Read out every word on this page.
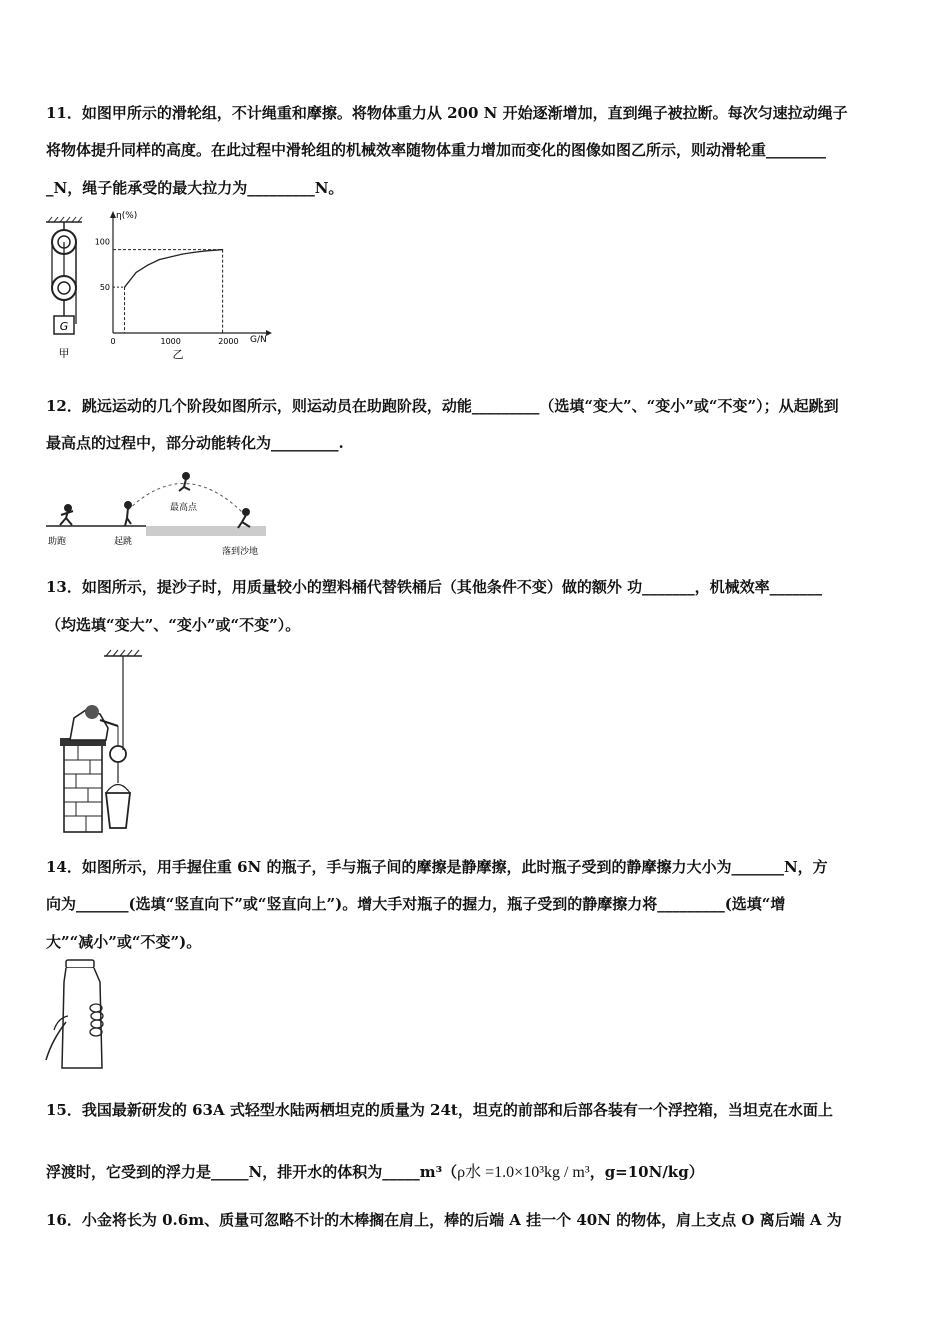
11．如图甲所示的滑轮组，不计绳重和摩擦。将物体重力从 200 N 开始逐渐增加，直到绳子被拉断。每次匀速拉动绳子
将物体提升同样的高度。在此过程中滑轮组的机械效率随物体重力增加而变化的图像如图乙所示，则动滑轮重________
_N，绳子能承受的最大拉力为_________N。
G
甲
η(%)
G/N
0	1000	2000
50
100
乙
12．跳远运动的几个阶段如图所示，则运动员在助跑阶段，动能_________（选填“变大”、“变小”或“不变”）；从起跳到
最高点的过程中，部分动能转化为_________.
最高点
助跑	起跳
落到沙地
13．如图所示，提沙子时，用质量较小的塑料桶代替铁桶后（其他条件不变）做的额外 功_______，机械效率_______
（均选填“变大”、“变小”或“不变”）。
14．如图所示，用手握住重 6N 的瓶子，手与瓶子间的摩擦是静摩擦，此时瓶子受到的静摩擦力大小为_______N，方
向为_______(选填“竖直向下”或“竖直向上”)。增大手对瓶子的握力，瓶子受到的静摩擦力将_________(选填“增
大”“减小”或“不变”)。
15．我国最新研发的 63A 式轻型水陆两栖坦克的质量为 24t，坦克的前部和后部各装有一个浮控箱，当坦克在水面上
浮渡时，它受到的浮力是_____N，排开水的体积为_____m³（ρ水 =1.0×10³kg / m³，g=10N/kg）
16．小金将长为 0.6m、质量可忽略不计的木棒搁在肩上，棒的后端 A 挂一个 40N 的物体，肩上支点 O 离后端 A 为
